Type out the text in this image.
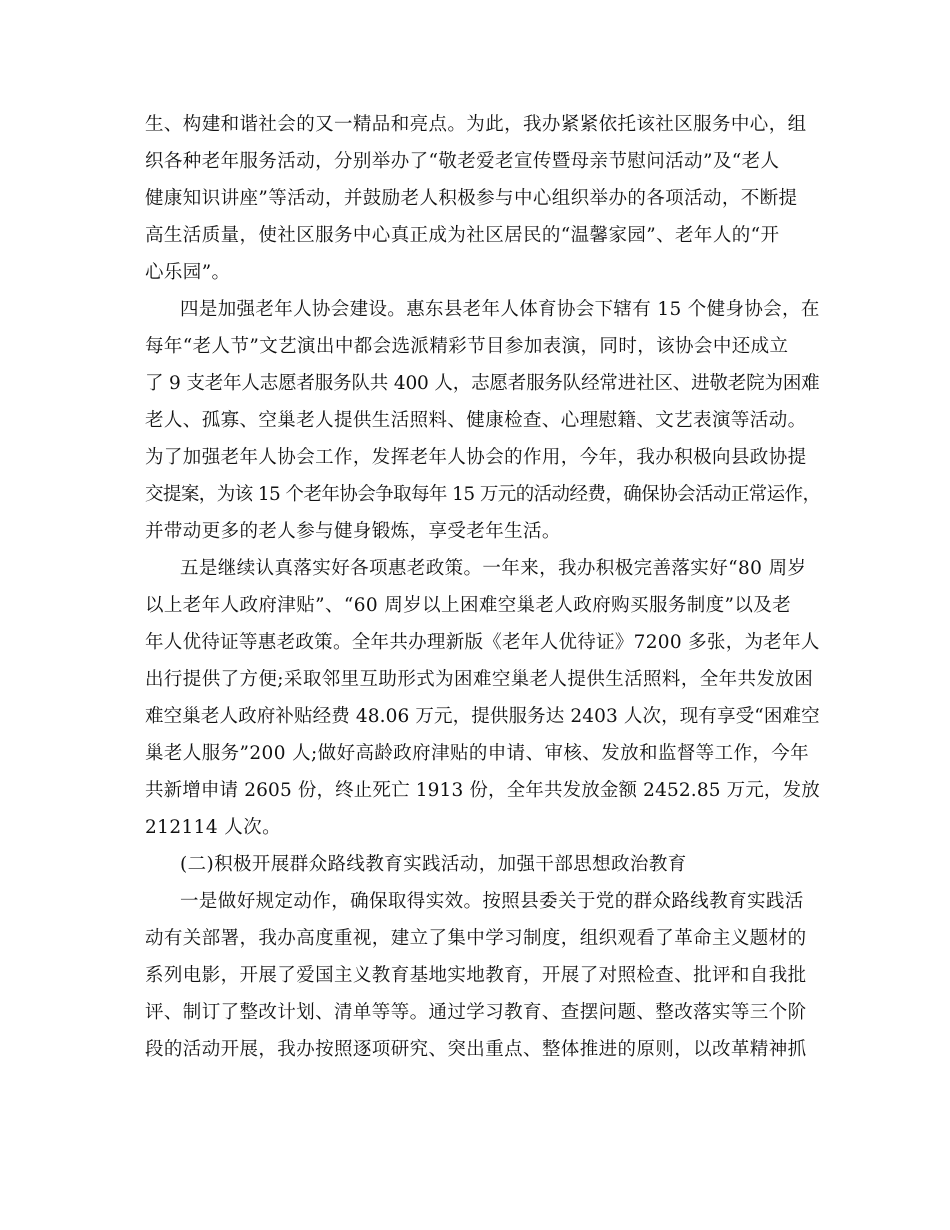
生、构建和谐社会的又一精品和亮点。为此，我办紧紧依托该社区服务中心，组
织各种老年服务活动，分别举办了“敬老爱老宣传暨母亲节慰问活动”及“老人
健康知识讲座”等活动，并鼓励老人积极参与中心组织举办的各项活动，不断提
高生活质量，使社区服务中心真正成为社区居民的“温馨家园”、老年人的“开
心乐园”。
四是加强老年人协会建设。惠东县老年人体育协会下辖有 15 个健身协会，在
每年“老人节”文艺演出中都会选派精彩节目参加表演，同时，该协会中还成立
了 9 支老年人志愿者服务队共 400 人，志愿者服务队经常进社区、进敬老院为困难
老人、孤寡、空巢老人提供生活照料、健康检查、心理慰籍、文艺表演等活动。
为了加强老年人协会工作，发挥老年人协会的作用，今年，我办积极向县政协提
交提案，为该 15 个老年协会争取每年 15 万元的活动经费，确保协会活动正常运作，
并带动更多的老人参与健身锻炼，享受老年生活。
五是继续认真落实好各项惠老政策。一年来，我办积极完善落实好“80 周岁
以上老年人政府津贴”、“60 周岁以上困难空巢老人政府购买服务制度”以及老
年人优待证等惠老政策。全年共办理新版《老年人优待证》7200 多张，为老年人
出行提供了方便;采取邻里互助形式为困难空巢老人提供生活照料，全年共发放困
难空巢老人政府补贴经费 48.06 万元，提供服务达 2403 人次，现有享受“困难空
巢老人服务”200 人;做好高龄政府津贴的申请、审核、发放和监督等工作，今年
共新增申请 2605 份，终止死亡 1913 份，全年共发放金额 2452.85 万元，发放
212114 人次。
(二)积极开展群众路线教育实践活动，加强干部思想政治教育
一是做好规定动作，确保取得实效。按照县委关于党的群众路线教育实践活
动有关部署，我办高度重视，建立了集中学习制度，组织观看了革命主义题材的
系列电影，开展了爱国主义教育基地实地教育，开展了对照检查、批评和自我批
评、制订了整改计划、清单等等。通过学习教育、查摆问题、整改落实等三个阶
段的活动开展，我办按照逐项研究、突出重点、整体推进的原则，以改革精神抓
